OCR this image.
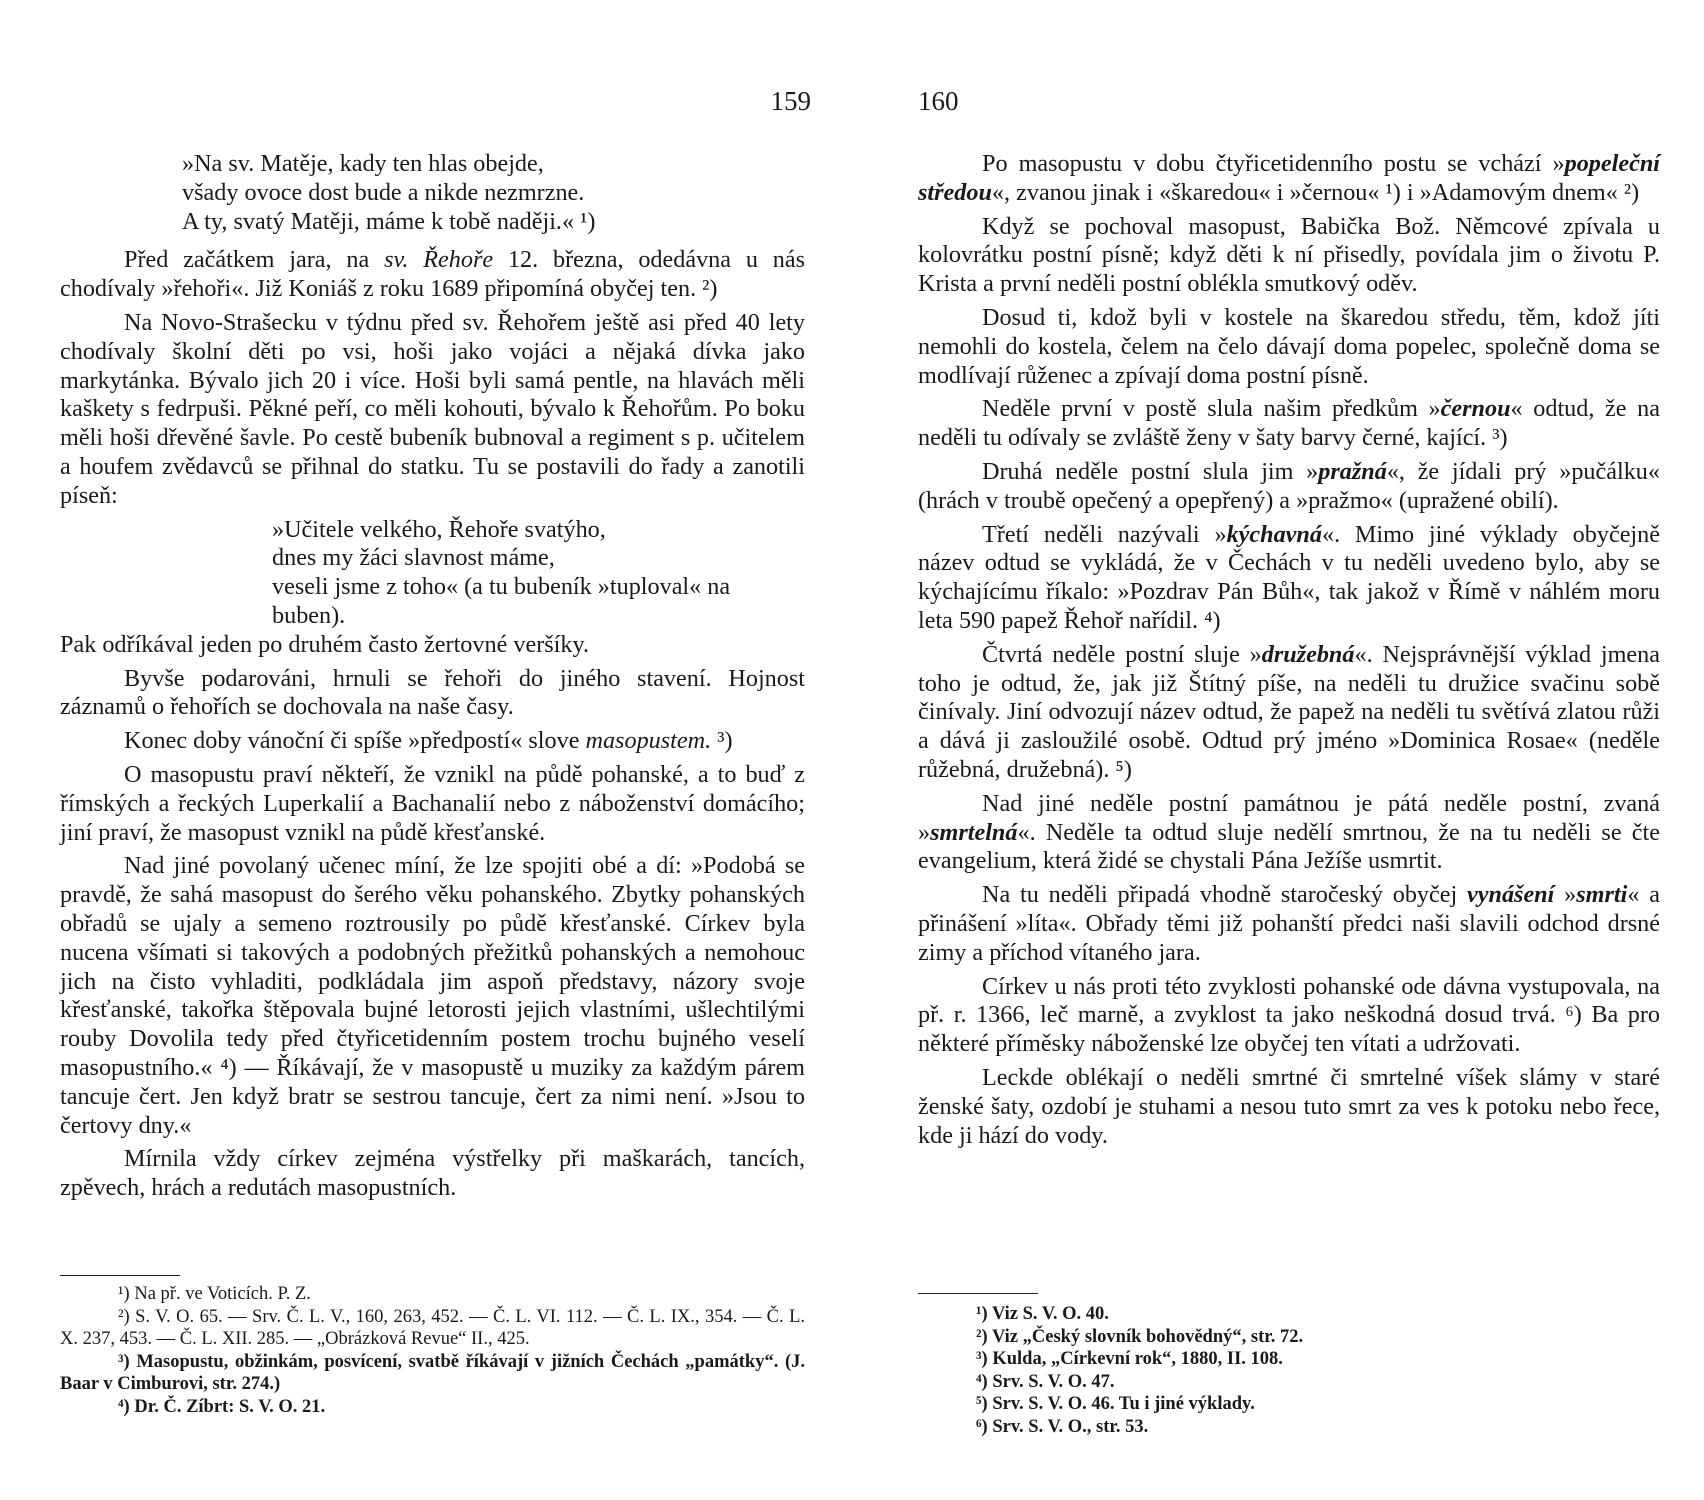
159
»Na sv. Matěje, kady ten hlas obejde,
všady ovoce dost bude a nikde nezmrzne.
A ty, svatý Matěji, máme k tobě naději.« ¹)

Před začátkem jara, na sv. Řehoře 12. března, odedávna u nás chodívaly »řehoři«. Již Koniáš z roku 1689 připomíná obyčej ten. ²)

Na Novo-Strašecku v týdnu před sv. Řehořem ještě asi před 40 lety chodívaly školní děti po vsi, hoši jako vojáci a nějaká dívka jako markytánka. Bývalo jich 20 i více. Hoši byli samá pentle, na hlavách měli kaškety s fedrpuši. Pěkné peří, co měli kohouti, bývalo k Řehořům. Po boku měli hoši dřevěné šavle. Po cestě bubeník bubnoval a regiment s p. učitelem a houfem zvědavců se přihnal do statku. Tu se postavili do řady a zanotili píseň:

»Učitele velkého, Řehoře svatýho,
dnes my žáci slavnost máme,
veseli jsme z toho« (a tu bubeník »tuploval« na buben).

Pak odříkával jeden po druhém často žertovné veršíky.

Byvše podarováni, hrnuli se řehoři do jiného stavení. Hojnost záznamů o řehořích se dochovala na naše časy.

Konec doby vánoční či spíše »předpostí« slove masopustem. ³)

O masopustu praví někteří, že vznikl na půdě pohanské, a to buď z římských a řeckých Luperkalií a Bachanalií nebo z náboženství domácího; jiní praví, že masopust vznikl na půdě křesťanské.

Nad jiné povolaný učenec míní, že lze spojiti obé a dí: »Podobá se pravdě, že sahá masopust do šerého věku pohanského. Zbytky pohanských obřadů se ujaly a semeno roztrousily po půdě křesťanské. Církev byla nucena všímati si takových a podobných přežitků pohanských a nemohouc jich na čisto vyhladiti, podkládala jim aspoň představy, názory svoje křesťanské, takořka štěpovala bujné letorosti jejich vlastními, ušlechtilými rouby Dovolila tedy před čtyřicetidenním postem trochu bujného veselí masopustního.« ⁴) — Říkávají, že v masopustě u muziky za každým párem tancuje čert. Jen když bratr se sestrou tancuje, čert za nimi není. »Jsou to čertovy dny.«

Mírnila vždy církev zejména výstřelky při maškarách, tancích, zpěvech, hrách a redutách masopustních.

¹) Na př. ve Voticích. P. Z.

²) S. V. O. 65. — Srv. Č. L. V., 160, 263, 452. — Č. L. VI. 112. — Č. L. IX., 354. — Č. L. X. 237, 453. — Č. L. XII. 285. — „Obrázková Revue“ II., 425.

³) Masopustu, obžinkám, posvícení, svatbě říkávají v jižních Čechách „památky“. (J. Baar v Cimburovi, str. 274.)

⁴) Dr. Č. Zíbrt: S. V. O. 21.

160

Po masopustu v dobu čtyřicetidenního postu se vchází »popeleční středou«, zvanou jinak i «škaredou« i »černou« ¹) i »Adamovým dnem« ²)

Když se pochoval masopust, Babička Bož. Němcové zpívala u kolovrátku postní písně; když děti k ní přisedly, povídala jim o životu P. Krista a první neděli postní oblékla smutkový oděv.

Dosud ti, kdož byli v kostele na škaredou středu, těm, kdož jíti nemohli do kostela, čelem na čelo dávají doma popelec, společně doma se modlívají růženec a zpívají doma postní písně.

Neděle první v postě slula našim předkům »černou« odtud, že na neděli tu odívaly se zvláště ženy v šaty barvy černé, kající. ³)

Druhá neděle postní slula jim »pražná«, že jídali prý »pučálku« (hrách v troubě opečený a opepřený) a »pražmo« (upražené obilí).

Třetí neděli nazývali »kýchavná«. Mimo jiné výklady obyčejně název odtud se vykládá, že v Čechách v tu neděli uvedeno bylo, aby se kýchajícímu říkalo: »Pozdrav Pán Bůh«, tak jakož v Římě v náhlém moru leta 590 papež Řehoř nařídil. ⁴)

Čtvrtá neděle postní sluje »družebná«. Nejsprávnější výklad jmena toho je odtud, že, jak již Štítný píše, na neděli tu družice svačinu sobě činívaly. Jiní odvozují název odtud, že papež na neděli tu světívá zlatou růži a dává ji zasloužilé osobě. Odtud prý jméno »Dominica Rosae« (neděle růžebná, družebná). ⁵)

Nad jiné neděle postní památnou je pátá neděle postní, zvaná »smrtelná«. Neděle ta odtud sluje nedělí smrtnou, že na tu neděli se čte evangelium, která židé se chystali Pána Ježíše usmrtit.

Na tu neděli připadá vhodně staročeský obyčej vynášení »smrti« a přinášení »líta«. Obřady těmi již pohanští předci naši slavili odchod drsné zimy a příchod vítaného jara.

Církev u nás proti této zvyklosti pohanské ode dávna vystupovala, na př. r. 1366, leč marně, a zvyklost ta jako neškodná dosud trvá. ⁶) Ba pro některé příměsky náboženské lze obyčej ten vítati a udržovati.

Leckde oblékají o neděli smrtné či smrtelné víšek slámy v staré ženské šaty, ozdobí je stuhami a nesou tuto smrt za ves k potoku nebo řece, kde ji hází do vody.

¹) Viz S. V. O. 40.

²) Viz „Český slovník bohovědný“, str. 72.

³) Kulda, „Církevní rok“, 1880, II. 108.

⁴) Srv. S. V. O. 47.

⁵) Srv. S. V. O. 46. Tu i jiné výklady.

⁶) Srv. S. V. O., str. 53.
